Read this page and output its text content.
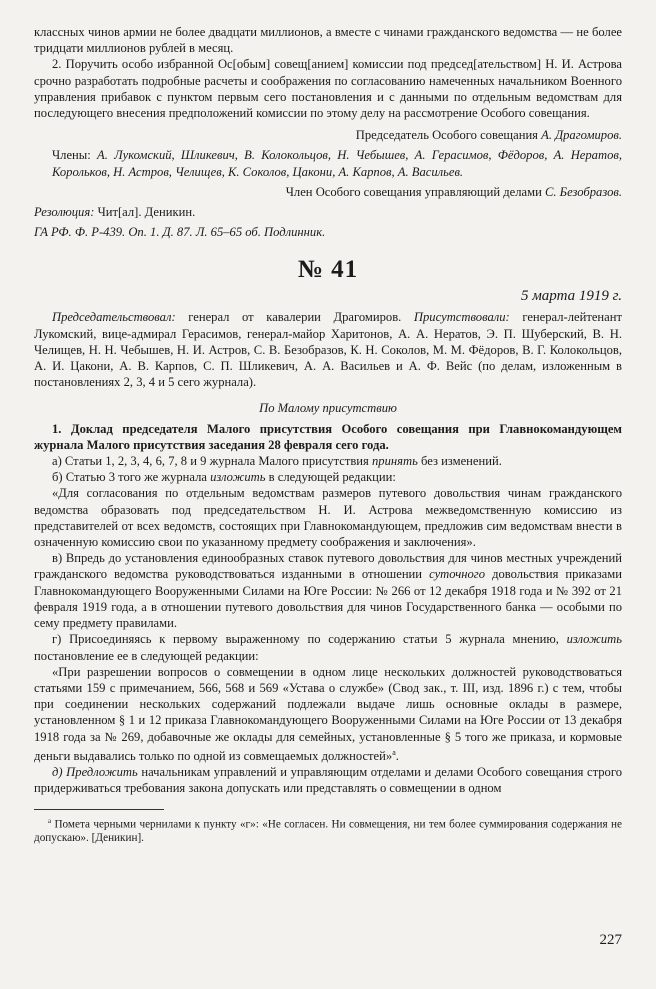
классных чинов армии не более двадцати миллионов, а вместе с чинами гражданского ведомства — не более тридцати миллионов рублей в месяц.

2. Поручить особо избранной Ос[обым] совещ[анием] комиссии под председ[ательством] Н. И. Астрова срочно разработать подробные расчеты и соображения по согласованию намеченных начальником Военного управления прибавок с пунктом первым сего постановления и с данными по отдельным ведомствам для последующего внесения предположений комиссии по этому делу на рассмотрение Особого совещания.

Председатель Особого совещания А. Драгомиров.

Члены: А. Лукомский, Шликевич, В. Колокольцов, Н. Чебышев, А. Герасимов, Фёдоров, А. Нератов, Корольков, Н. Астров, Челищев, К. Соколов, Цакони, А. Карпов, А. Васильев.

Член Особого совещания управляющий делами С. Безобразов.

Резолюция: Чит[ал]. Деникин.

ГА РФ. Ф. Р-439. Оп. 1. Д. 87. Л. 65–65 об. Подлинник.

№ 41
5 марта 1919 г.

Председательствовал: генерал от кавалерии Драгомиров. Присутствовали: генерал-лейтенант Лукомский, вице-адмирал Герасимов, генерал-майор Харитонов, А. А. Нератов, Э. П. Шуберский, В. Н. Челищев, Н. Н. Чебышев, Н. И. Астров, С. В. Безобразов, К. Н. Соколов, М. М. Фёдоров, В. Г. Колокольцов, А. И. Цакони, А. В. Карпов, С. П. Шликевич, А. А. Васильев и А. Ф. Вейс (по делам, изложенным в постановлениях 2, 3, 4 и 5 сего журнала).

По Малому присутствию

1. Доклад председателя Малого присутствия Особого совещания при Главнокомандующем журнала Малого присутствия заседания 28 февраля сего года.

а) Статьи 1, 2, 3, 4, 6, 7, 8 и 9 журнала Малого присутствия принять без изменений.

б) Статью 3 того же журнала изложить в следующей редакции:

«Для согласования по отдельным ведомствам размеров путевого довольствия чинам гражданского ведомства образовать под председательством Н. И. Астрова межведомственную комиссию из представителей от всех ведомств, состоящих при Главнокомандующем, предложив сим ведомствам внести в означенную комиссию свои по указанному предмету соображения и заключения».

в) Впредь до установления единообразных ставок путевого довольствия для чинов местных учреждений гражданского ведомства руководствоваться изданными в отношении суточного довольствия приказами Главнокомандующего Вооруженными Силами на Юге России: № 266 от 12 декабря 1918 года и № 392 от 21 февраля 1919 года, а в отношении путевого довольствия для чинов Государственного банка — особыми по сему предмету правилами.

г) Присоединяясь к первому выраженному по содержанию статьи 5 журнала мнению, изложить постановление ее в следующей редакции:

«При разрешении вопросов о совмещении в одном лице нескольких должностей руководствоваться статьями 159 с примечанием, 566, 568 и 569 «Устава о службе» (Свод зак., т. III, изд. 1896 г.) с тем, чтобы при соединении нескольких содержаний подлежали выдаче лишь основные оклады в размере, установленном § 1 и 12 приказа Главнокомандующего Вооруженными Силами на Юге России от 13 декабря 1918 года за № 269, добавочные же оклады для семейных, установленные § 5 того же приказа, и кормовые деньги выдавались только по одной из совмещаемых должностей»$^а$.

д) Предложить начальникам управлений и управляющим отделами и делами Особого совещания строго придерживаться требования закона допускать или представлять о совмещении в одном

$^а$ Помета черными чернилами к пункту «г»: «Не согласен. Ни совмещения, ни тем более суммирования содержания не допускаю». [Деникин].

227
